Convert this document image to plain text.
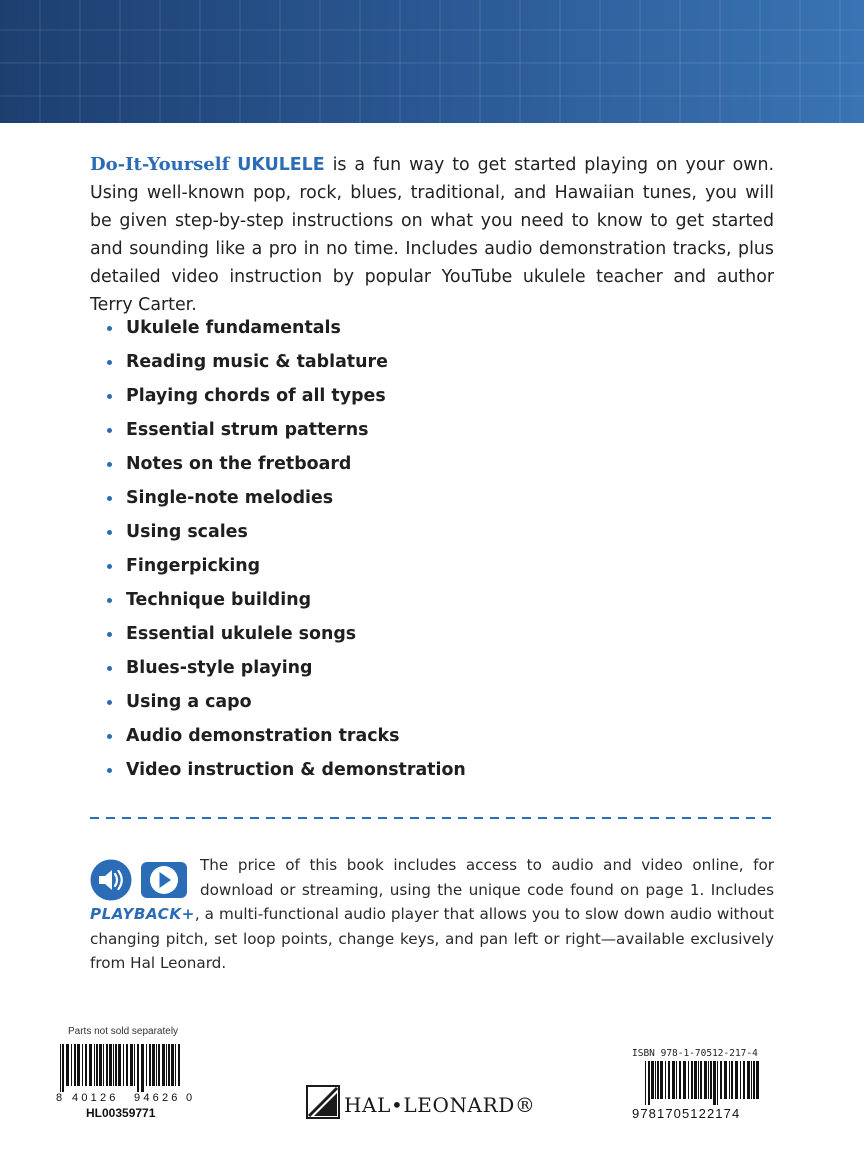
Do-It-Yourself UKULELE is a fun way to get started playing on your own. Using well-known pop, rock, blues, traditional, and Hawaiian tunes, you will be given step-by-step instructions on what you need to know to get started and sounding like a pro in no time. Includes audio demonstration tracks, plus detailed video instruction by popular YouTube ukulele teacher and author Terry Carter.

Ukulele fundamentals
Reading music & tablature
Playing chords of all types
Essential strum patterns
Notes on the fretboard
Single-note melodies
Using scales
Fingerpicking
Technique building
Essential ukulele songs
Blues-style playing
Using a capo
Audio demonstration tracks
Video instruction & demonstration

The price of this book includes access to audio and video online, for download or streaming, using the unique code found on page 1. Includes PLAYBACK+, a multi-functional audio player that allows you to slow down audio without changing pitch, set loop points, change keys, and pan left or right—available exclusively from Hal Leonard.

Parts not sold separately
8 40126 94626 0
HL00359771	HAL•LEONARD®
ISBN 978-1-70512-217-4
9781705122174
